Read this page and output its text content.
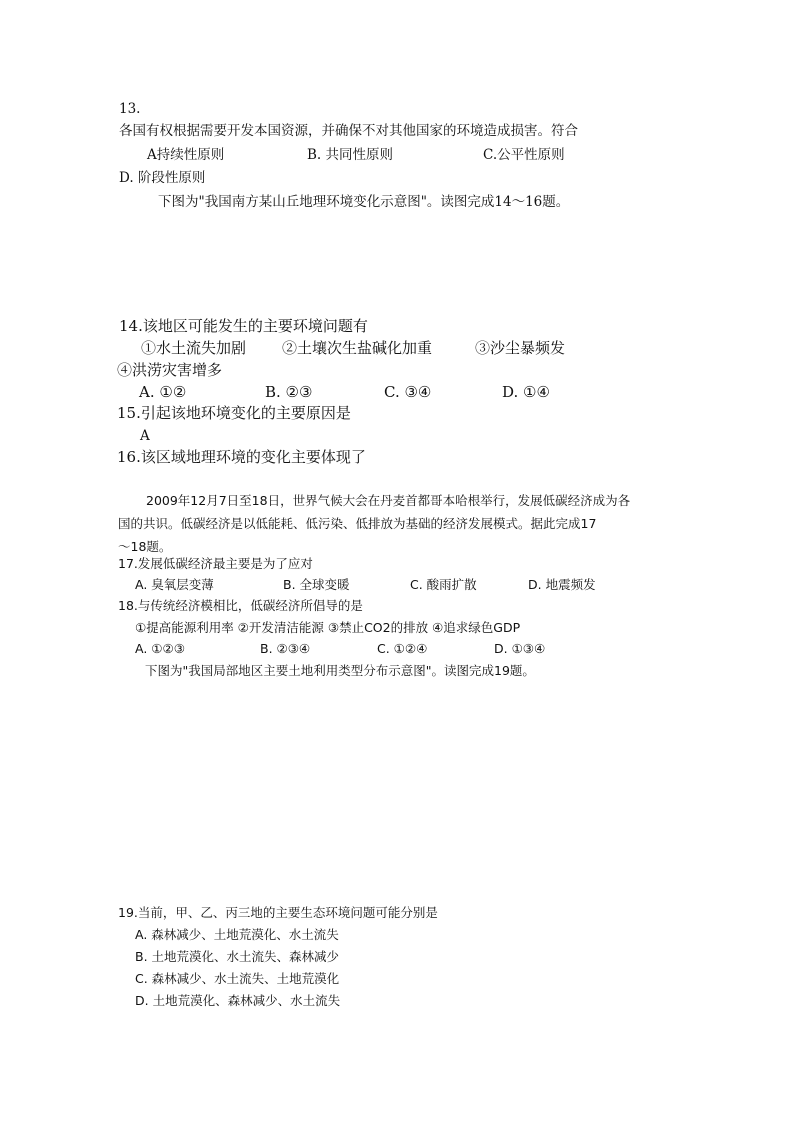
13.
各国有权根据需要开发本国资源，并确保不对其他国家的环境造成损害。符合
A持续性原则	B. 共同性原则	C.公平性原则
D. 阶段性原则
下图为"我国南方某山丘地理环境变化示意图"。读图完成14～16题。
14.该地区可能发生的主要环境问题有
①水土流失加剧 ②土壤次生盐碱化加重	③沙尘暴频发
④洪涝灾害增多
A. ①②	B. ②③	C. ③④	D. ①④
15.引起该地环境变化的主要原因是
A
16.该区域地理环境的变化主要体现了
2009年12月7日至18日，世界气候大会在丹麦首都哥本哈根举行，发展低碳经济成为各
国的共识。低碳经济是以低能耗、低污染、低排放为基础的经济发展模式。据此完成17
～18题。
17.发展低碳经济最主要是为了应对
A. 臭氧层变薄	B. 全球变暖	C. 酸雨扩散	D. 地震频发
18.与传统经济模相比，低碳经济所倡导的是
①提高能源利用率 ②开发清洁能源 ③禁止CO2的排放 ④追求绿色GDP
A. ①②③	B. ②③④	C. ①②④	D. ①③④
下图为"我国局部地区主要土地利用类型分布示意图"。读图完成19题。
19.当前，甲、乙、丙三地的主要生态环境问题可能分别是
A. 森林减少、土地荒漠化、水土流失
B. 土地荒漠化、水土流失、森林减少
C. 森林减少、水土流失、土地荒漠化
D. 土地荒漠化、森林减少、水土流失
